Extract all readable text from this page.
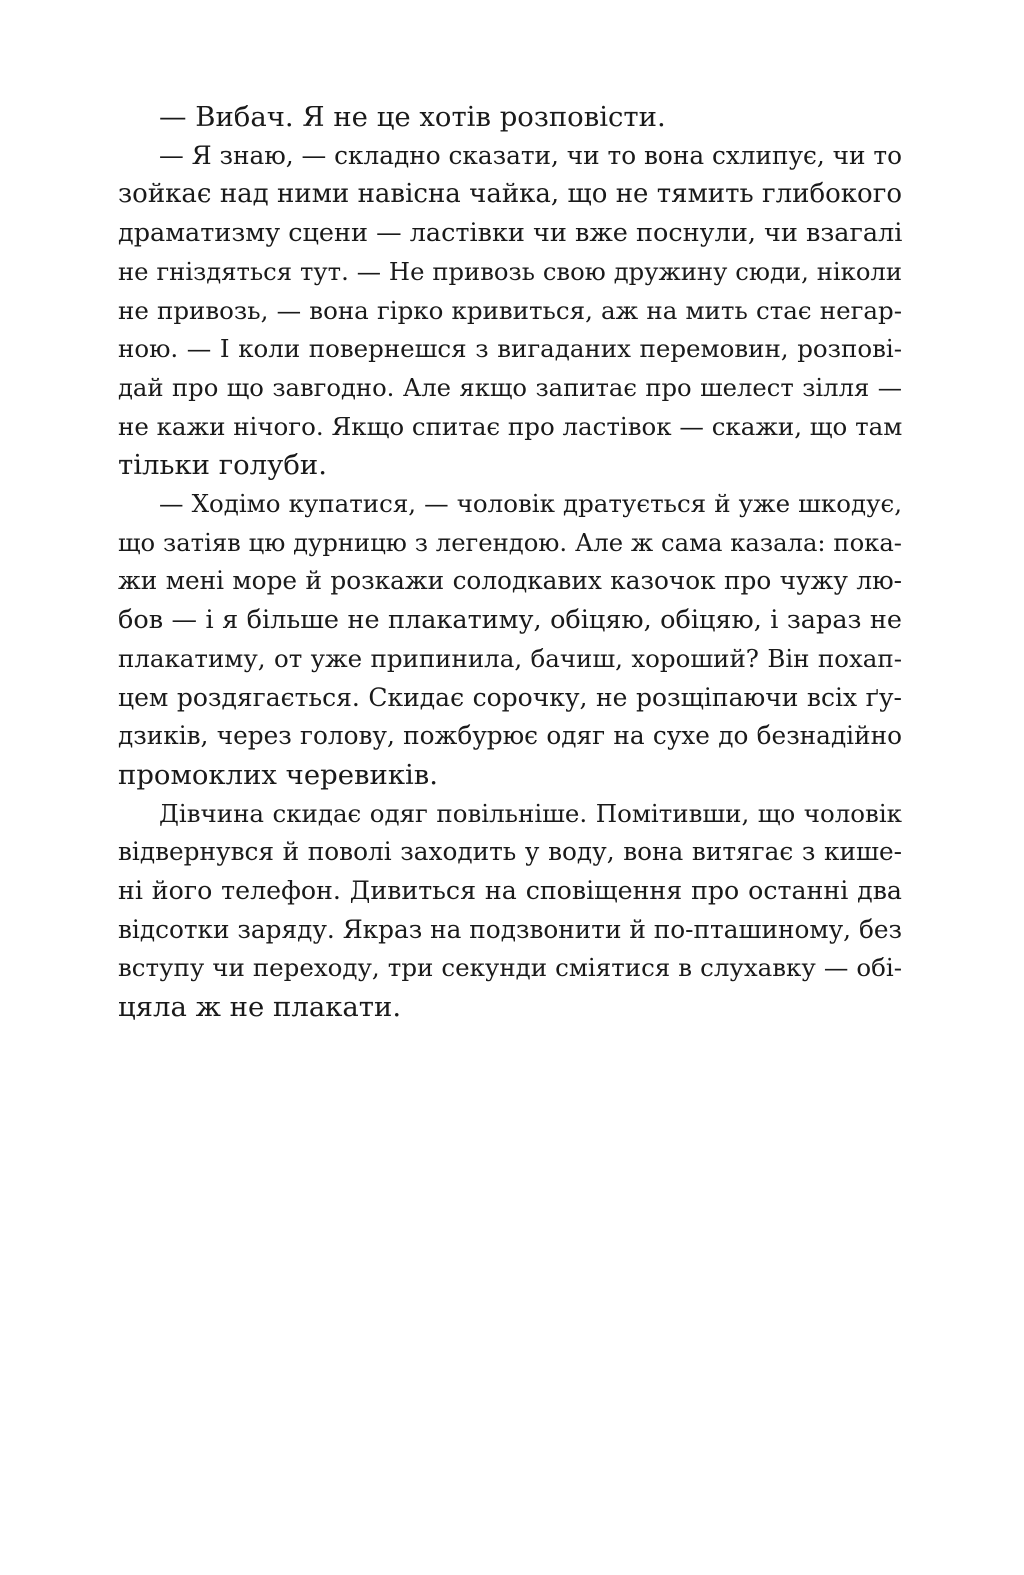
— Вибач. Я не це хотів розповісти.
— Я знаю, — складно сказати, чи то вона схлипує, чи то
зойкає над ними навісна чайка, що не тямить глибокого
драматизму сцени — ластівки чи вже поснули, чи взагалі
не гніздяться тут. — Не привозь свою дружину сюди, ніколи
не привозь, — вона гірко кривиться, аж на мить стає негар-
ною. — І коли повернешся з вигаданих перемовин, розпові-
дай про що завгодно. Але якщо запитає про шелест зілля —
не кажи нічого. Якщо спитає про ластівок — скажи, що там
тільки голуби.
— Ходімо купатися, — чоловік дратується й уже шкодує,
що затіяв цю дурницю з легендою. Але ж сама казала: пока-
жи мені море й розкажи солодкавих казочок про чужу лю-
бов — і я більше не плакатиму, обіцяю, обіцяю, і зараз не
плакатиму, от уже припинила, бачиш, хороший? Він похап-
цем роздягається. Скидає сорочку, не розщіпаючи всіх ґу-
дзиків, через голову, пожбурює одяг на сухе до безнадійно
промоклих черевиків.
Дівчина скидає одяг повільніше. Помітивши, що чоловік
відвернувся й поволі заходить у воду, вона витягає з кише-
ні його телефон. Дивиться на сповіщення про останні два
відсотки заряду. Якраз на подзвонити й по-пташиному, без
вступу чи переходу, три секунди сміятися в слухавку — обі-
цяла ж не плакати.
